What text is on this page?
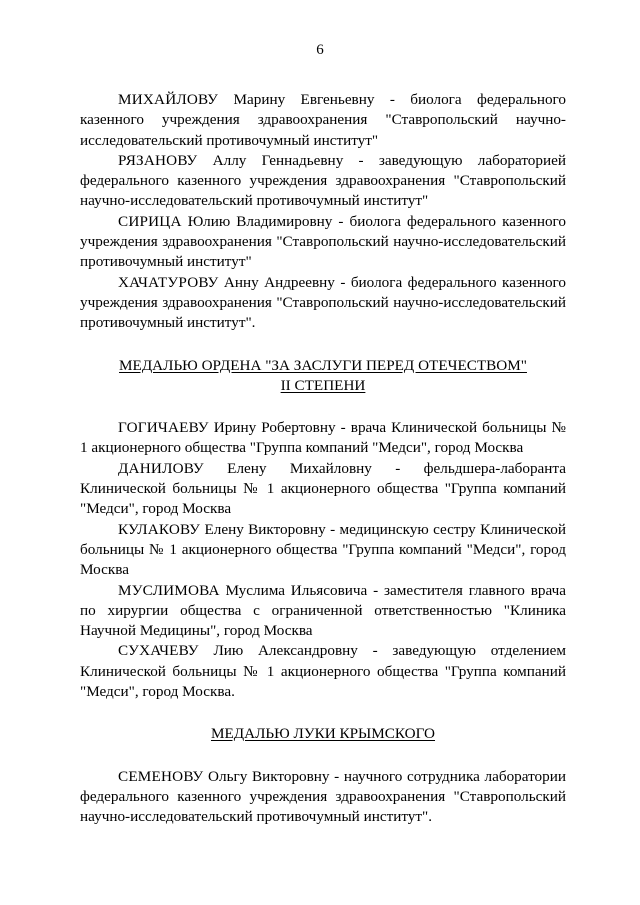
6

МИХАЙЛОВУ Марину Евгеньевну - биолога федерального казенного учреждения здравоохранения "Ставропольский научно-исследовательский противочумный институт"

РЯЗАНОВУ Аллу Геннадьевну - заведующую лабораторией федерального казенного учреждения здравоохранения "Ставропольский научно-исследовательский противочумный институт"

СИРИЦА Юлию Владимировну - биолога федерального казенного учреждения здравоохранения "Ставропольский научно-исследовательский противочумный институт"

ХАЧАТУРОВУ Анну Андреевну - биолога федерального казенного учреждения здравоохранения "Ставропольский научно-исследовательский противочумный институт".

МЕДАЛЬЮ ОРДЕНА "ЗА ЗАСЛУГИ ПЕРЕД ОТЕЧЕСТВОМ"

II СТЕПЕНИ

ГОГИЧАЕВУ Ирину Робертовну - врача Клинической больницы № 1 акционерного общества "Группа компаний "Медси", город Москва

ДАНИЛОВУ Елену Михайловну - фельдшера-лаборанта Клинической больницы № 1 акционерного общества "Группа компаний "Медси", город Москва

КУЛАКОВУ Елену Викторовну - медицинскую сестру Клинической больницы № 1 акционерного общества "Группа компаний "Медси", город Москва

МУСЛИМОВА Муслима Ильясовича - заместителя главного врача по хирургии общества с ограниченной ответственностью "Клиника Научной Медицины", город Москва

СУХАЧЕВУ Лию Александровну - заведующую отделением Клинической больницы № 1 акционерного общества "Группа компаний "Медси", город Москва.

МЕДАЛЬЮ ЛУКИ КРЫМСКОГО

СЕМЕНОВУ Ольгу Викторовну - научного сотрудника лаборатории федерального казенного учреждения здравоохранения "Ставропольский научно-исследовательский противочумный институт".
